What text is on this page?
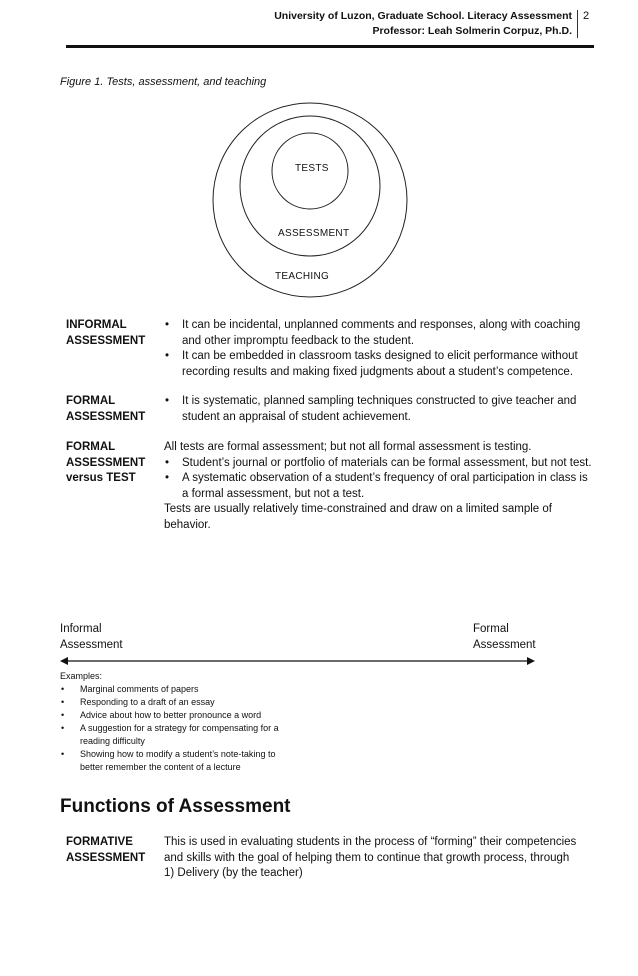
University of Luzon, Graduate School. Literacy Assessment
Professor: Leah Solmerin Corpuz, Ph.D.
2
Figure 1. Tests, assessment, and teaching
TESTS
ASSESSMENT
TEACHING
INFORMAL
ASSESSMENT
• It can be incidental, unplanned comments and responses, along with coaching and other impromptu feedback to the student.
• It can be embedded in classroom tasks designed to elicit performance without recording results and making fixed judgments about a student’s competence.
FORMAL
ASSESSMENT
• It is systematic, planned sampling techniques constructed to give teacher and student an appraisal of student achievement.
FORMAL
ASSESSMENT
versus TEST

All tests are formal assessment; but not all formal assessment is testing.

• Student’s journal or portfolio of materials can be formal assessment, but not test.
• A systematic observation of a student’s frequency of oral participation in class is a formal assessment, but not a test.

Tests are usually relatively time-constrained and draw on a limited sample of behavior.

Informal
Assessment
Formal
Assessment
Examples:
• Marginal comments of papers
• Responding to a draft of an essay
• Advice about how to better pronounce a word
• A suggestion for a strategy for compensating for a reading difficulty
• Showing how to modify a student’s note-taking to better remember the content of a lecture
Functions of Assessment
FORMATIVE
ASSESSMENT

This is used in evaluating students in the process of “forming” their competencies and skills with the goal of helping them to continue that growth process, through

1) Delivery (by the teacher)
